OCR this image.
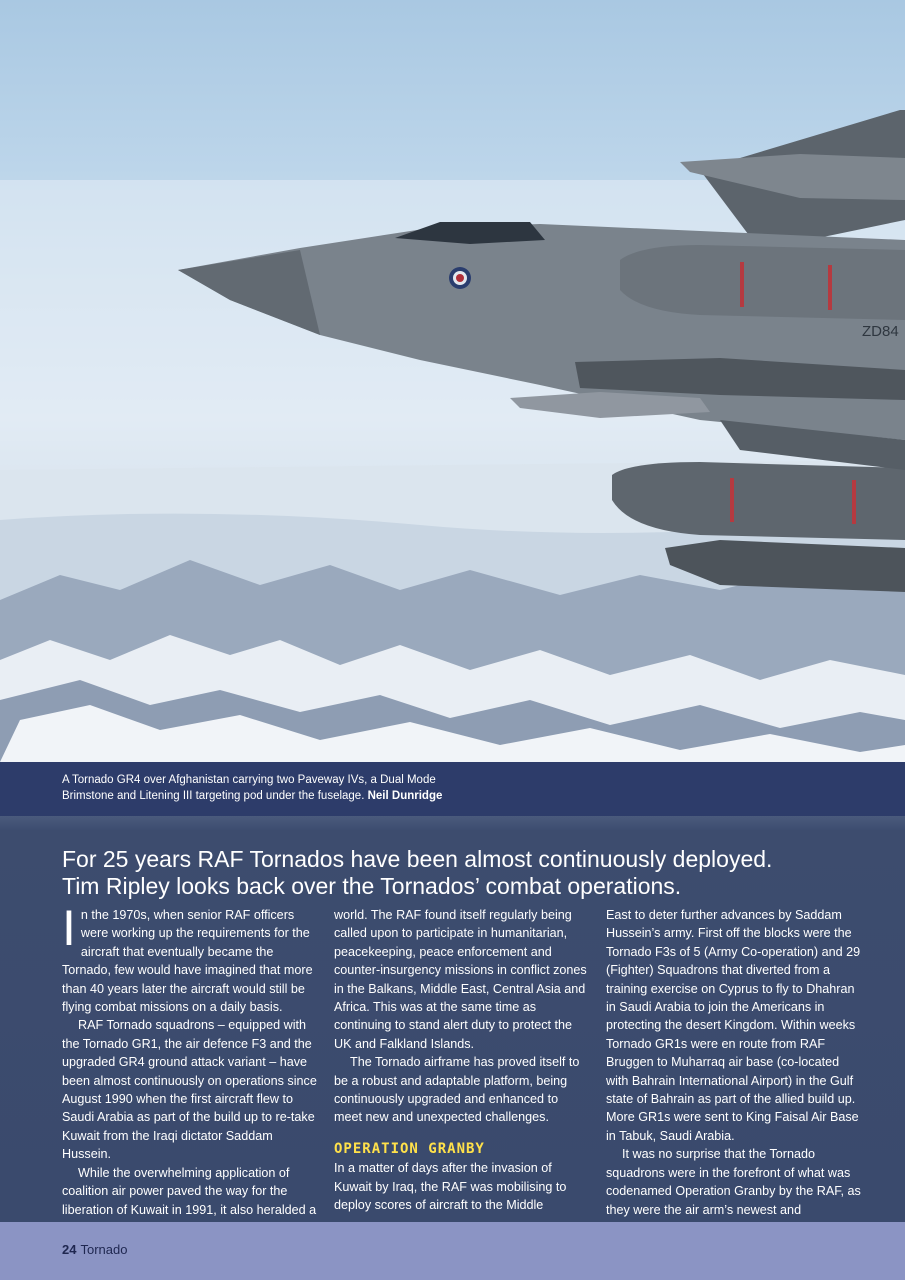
ZD84
A Tornado GR4 over Afghanistan carrying two Paveway IVs, a Dual Mode Brimstone and Litening III targeting pod under the fuselage. Neil Dunridge
For 25 years RAF Tornados have been almost continuously deployed.
Tim Ripley looks back over the Tornados’ combat operations.

In the 1970s, when senior RAF officers were working up the requirements for the aircraft that eventually became the Tornado, few would have imagined that more than 40 years later the aircraft would still be flying combat missions on a daily basis.

RAF Tornado squadrons – equipped with the Tornado GR1, the air defence F3 and the upgraded GR4 ground attack variant – have been almost continuously on operations since August 1990 when the first aircraft flew to Saudi Arabia as part of the build up to re-take Kuwait from the Iraqi dictator Saddam Hussein.

While the overwhelming application of coalition air power paved the way for the liberation of Kuwait in 1991, it also heralded a

world. The RAF found itself regularly being called upon to participate in humanitarian, peacekeeping, peace enforcement and counter-insurgency missions in conflict zones in the Balkans, Middle East, Central Asia and Africa. This was at the same time as continuing to stand alert duty to protect the UK and Falkland Islands.

The Tornado airframe has proved itself to be a robust and adaptable platform, being continuously upgraded and enhanced to meet new and unexpected challenges.

OPERATION GRANBY

In a matter of days after the invasion of Kuwait by Iraq, the RAF was mobilising to deploy scores of aircraft to the Middle

East to deter further advances by Saddam Hussein’s army. First off the blocks were the Tornado F3s of 5 (Army Co-operation) and 29 (Fighter) Squadrons that diverted from a training exercise on Cyprus to fly to Dhahran in Saudi Arabia to join the Americans in protecting the desert Kingdom. Within weeks Tornado GR1s were en route from RAF Bruggen to Muharraq air base (co-located with Bahrain International Airport) in the Gulf state of Bahrain as part of the allied build up. More GR1s were sent to King Faisal Air Base in Tabuk, Saudi Arabia.

It was no surprise that the Tornado squadrons were in the forefront of what was codenamed Operation Granby by the RAF, as they were the air arm’s newest and

24 Tornado
